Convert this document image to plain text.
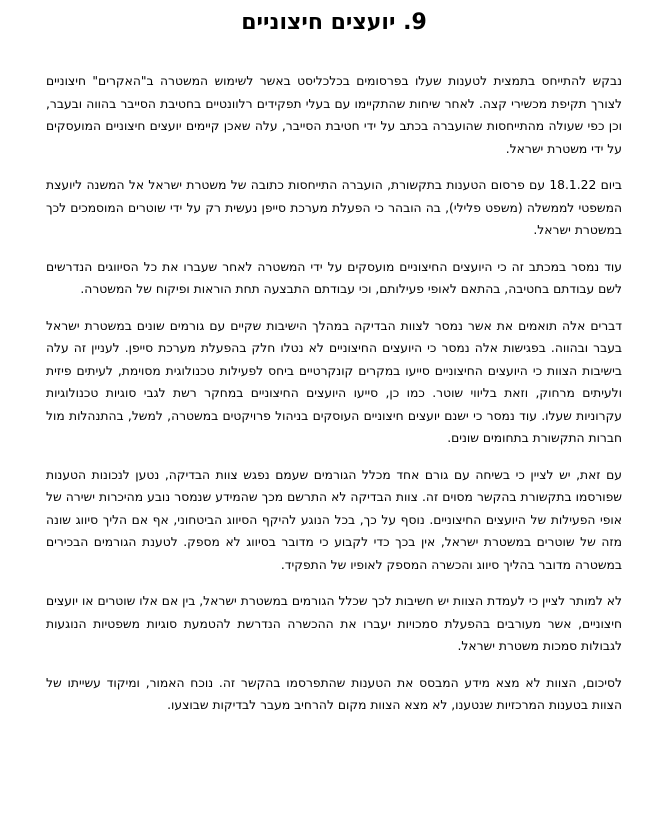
9. יועצים חיצוניים

נבקש להתייחס בתמצית לטענות שעלו בפרסומים בכלכליסט באשר לשימוש המשטרה ב"האקרים" חיצוניים לצורך תקיפת מכשירי קצה. לאחר שיחות שהתקיימו עם בעלי תפקידים רלוונטיים בחטיבת הסייבר בהווה ובעבר, וכן כפי שעולה מהתייחסות שהועברה בכתב על ידי חטיבת הסייבר, עלה שאכן קיימים יועצים חיצוניים המועסקים על ידי משטרת ישראל.

ביום 18.1.22 עם פרסום הטענות בתקשורת, הועברה התייחסות כתובה של משטרת ישראל אל המשנה ליועצת המשפטי לממשלה (משפט פלילי), בה הובהר כי הפעלת מערכת סייפן נעשית רק על ידי שוטרים המוסמכים לכך במשטרת ישראל.

עוד נמסר במכתב זה כי היועצים החיצוניים מועסקים על ידי המשטרה לאחר שעברו את כל הסיווגים הנדרשים לשם עבודתם בחטיבה, בהתאם לאופי פעילותם, וכי עבודתם התבצעה תחת הוראות ופיקוח של המשטרה.

דברים אלה תואמים את אשר נמסר לצוות הבדיקה במהלך הישיבות שקיים עם גורמים שונים במשטרת ישראל בעבר ובהווה. בפגישות אלה נמסר כי היועצים החיצוניים לא נטלו חלק בהפעלת מערכת סייפן. לעניין זה עלה בישיבות הצוות כי היועצים החיצוניים סייעו במקרים קונקרטיים ביחס לפעילות טכנולוגית מסוימת, לעיתים פיזית ולעיתים מרחוק, וזאת בליווי שוטר. כמו כן, סייעו היועצים החיצוניים במחקר רשת לגבי סוגיות טכנולוגיות עקרוניות שעלו. עוד נמסר כי ישנם יועצים חיצוניים העוסקים בניהול פרויקטים במשטרה, למשל, בהתנהלות מול חברות התקשורת בתחומים שונים.

עם זאת, יש לציין כי בשיחה עם גורם אחד מכלל הגורמים שעמם נפגש צוות הבדיקה, נטען לנכונות הטענות שפורסמו בתקשורת בהקשר מסוים זה. צוות הבדיקה לא התרשם מכך שהמידע שנמסר נובע מהיכרות ישירה של אופי הפעילות של היועצים החיצוניים. נוסף על כך, בכל הנוגע להיקף הסיווג הביטחוני, אף אם הליך סיווג שונה מזה של שוטרים במשטרת ישראל, אין בכך כדי לקבוע כי מדובר בסיווג לא מספק. לטענת הגורמים הבכירים במשטרה מדובר בהליך סיווג והכשרה המספק לאופיו של התפקיד.

לא למותר לציין כי לעמדת הצוות יש חשיבות לכך שכלל הגורמים במשטרת ישראל, בין אם אלו שוטרים או יועצים חיצוניים, אשר מעורבים בהפעלת סמכויות יעברו את ההכשרה הנדרשת להטמעת סוגיות משפטיות הנוגעות לגבולות סמכות משטרת ישראל.

לסיכום, הצוות לא מצא מידע המבסס את הטענות שהתפרסמו בהקשר זה. נוכח האמור, ומיקוד עשייתו של הצוות בטענות המרכזיות שנטענו, לא מצא הצוות מקום להרחיב מעבר לבדיקות שבוצעו.
